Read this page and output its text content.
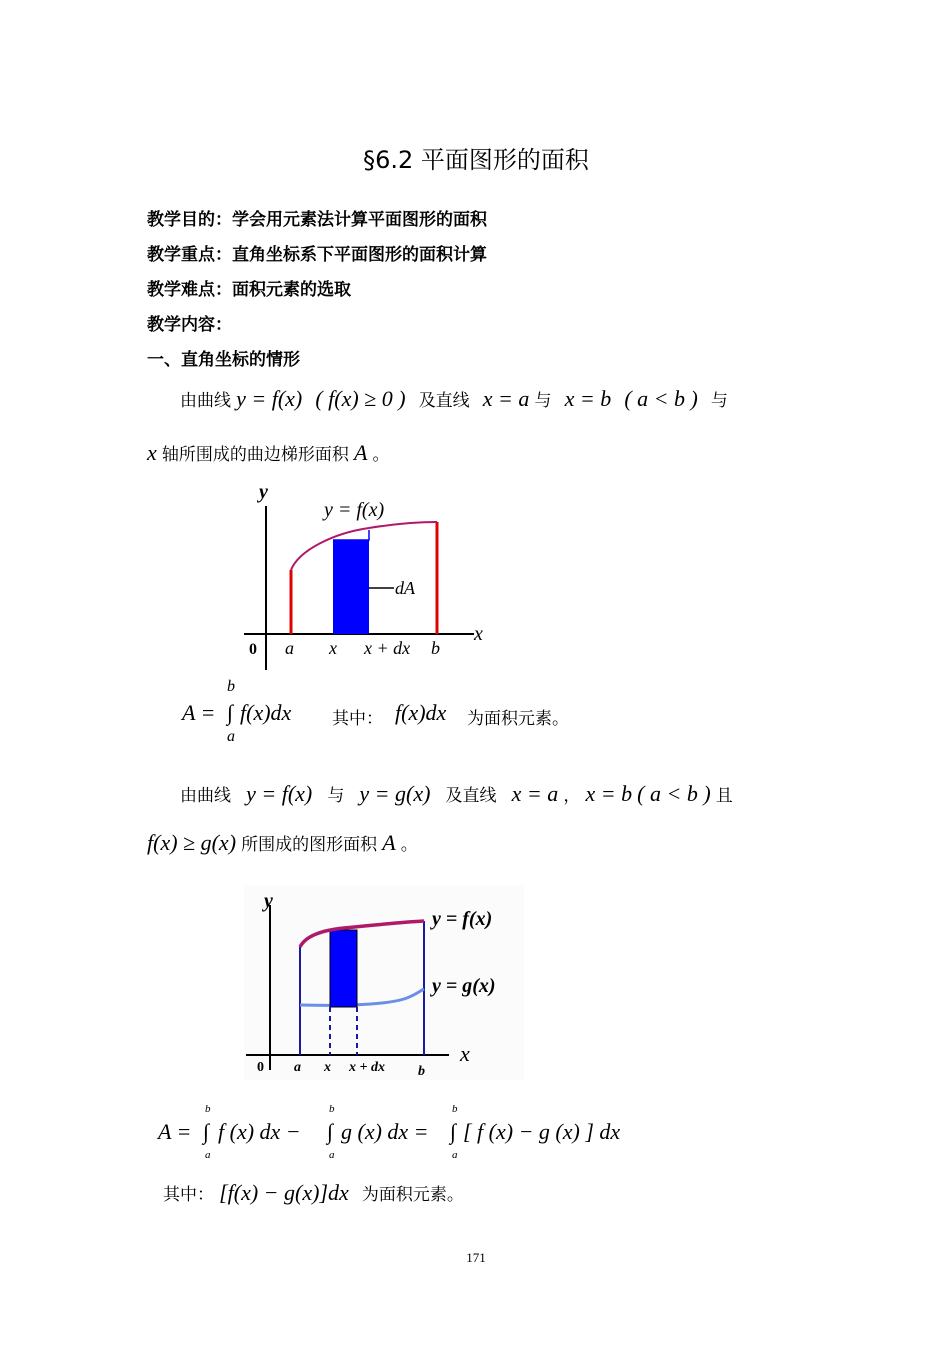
§6.2 平面图形的面积
教学目的：学会用元素法计算平面图形的面积
教学重点：直角坐标系下平面图形的面积计算
教学难点：面积元素的选取
教学内容：
一、直角坐标的情形
由曲线 y = f(x) ( f(x) ≥ 0 ) 及直线 x = a 与 x = b ( a < b ) 与
x 轴所围成的曲边梯形面积 A 。
y
x
dA
y = f(x)
0 a x x + dx b
A =
b
∫
a
f(x)dx 其中： f(x)dx 为面积元素。
由曲线 y = f(x) 与 y = g(x) 及直线 x = a ， x = b ( a < b ) 且
f(x) ≥ g(x) 所围成的图形面积 A 。
y
x
y = f(x)
y = g(x)
0 a x x + dx b
A =
b
∫
a
f (x) dx −
b
∫
a
g (x) dx =
b
∫
a
[ f (x) − g (x) ] dx
其中： [f(x) − g(x)]dx 为面积元素。
171
